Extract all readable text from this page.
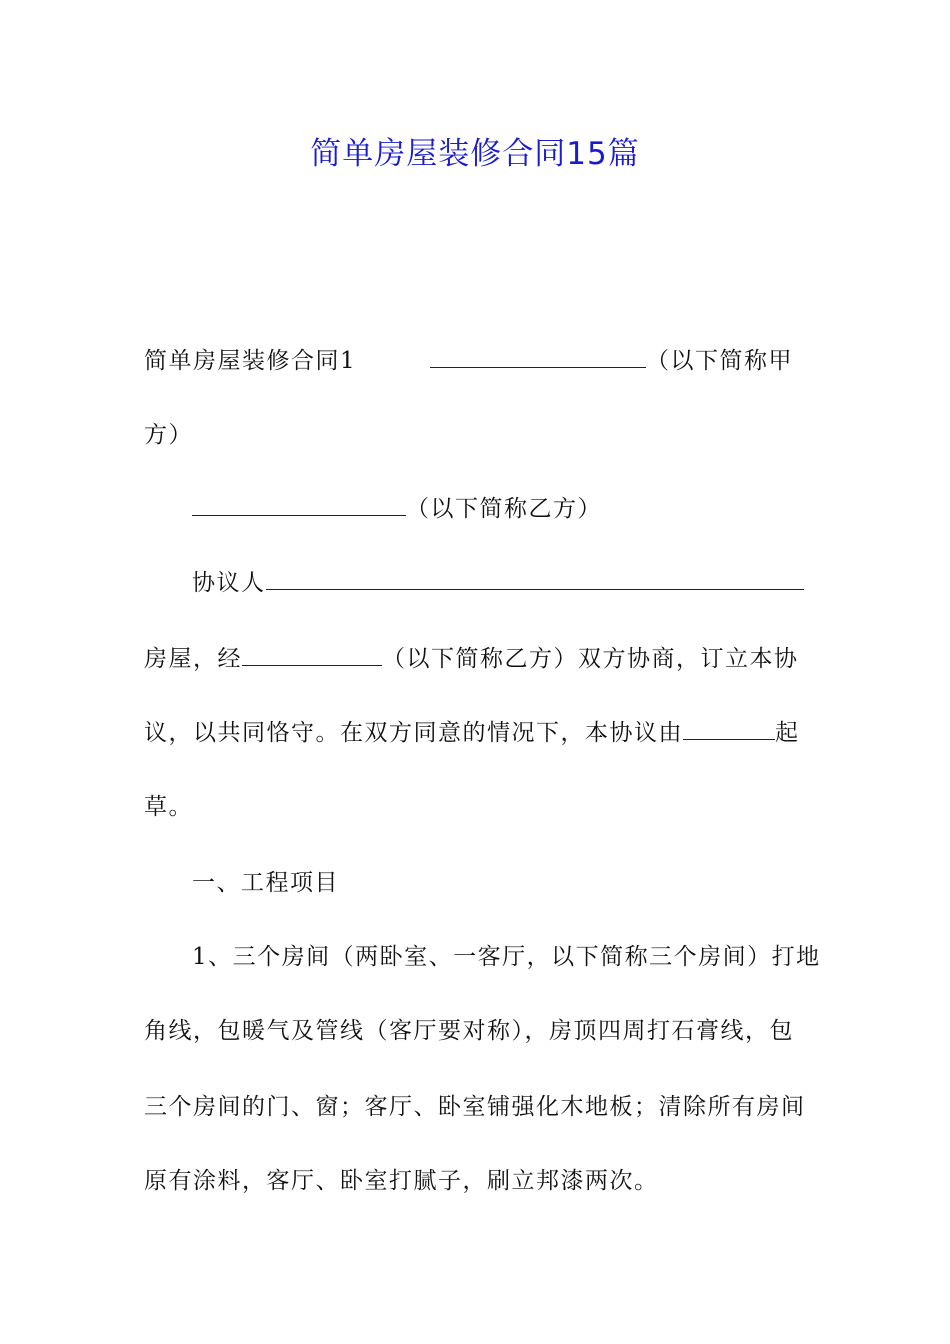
简单房屋装修合同15篇
简单房屋装修合同1	（以下简称甲
方）
（以下简称乙方）
协议人
房屋，经	（以下简称乙方）双方协商，订立本协
议，以共同恪守。在双方同意的情况下，本协议由	起
草。
一、工程项目
1、三个房间（两卧室、一客厅，以下简称三个房间）打地
角线，包暖气及管线（客厅要对称），房顶四周打石膏线，包
三个房间的门、窗；客厅、卧室铺强化木地板；清除所有房间
原有涂料，客厅、卧室打腻子，刷立邦漆两次。
